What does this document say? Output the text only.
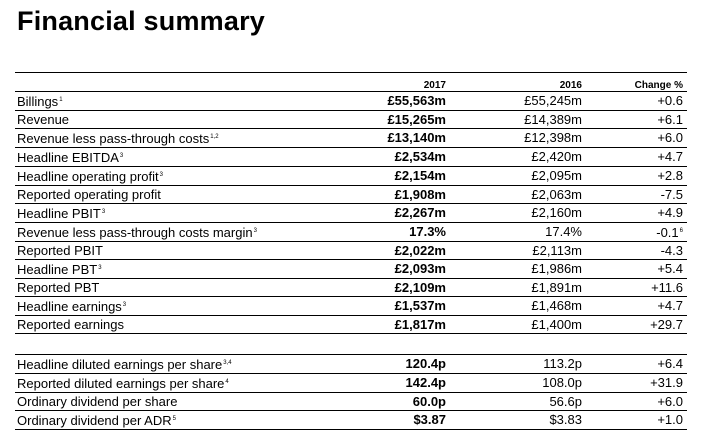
Financial summary
	2017	2016	Change %
Billings$^1$	£55,563m	£55,245m	+0.6
Revenue	£15,265m	£14,389m	+6.1
Revenue less pass-through costs$^{1,2}$	£13,140m	£12,398m	+6.0
Headline EBITDA$^3$	£2,534m	£2,420m	+4.7
Headline operating profit$^3$	£2,154m	£2,095m	+2.8
Reported operating profit	£1,908m	£2,063m	-7.5
Headline PBIT$^3$	£2,267m	£2,160m	+4.9
Revenue less pass-through costs margin$^3$	17.3%	17.4%	$-0.1^6$
Reported PBIT	£2,022m	£2,113m	-4.3
Headline PBT$^3$	£2,093m	£1,986m	+5.4
Reported PBT	£2,109m	£1,891m	+11.6
Headline earnings$^3$	£1,537m	£1,468m	+4.7
Reported earnings	£1,817m	£1,400m	+29.7

Headline diluted earnings per share$^{3,4}$	120.4p	113.2p	+6.4
Reported diluted earnings per share$^4$	142.4p	108.0p	+31.9
Ordinary dividend per share	60.0p	56.6p	+6.0
Ordinary dividend per ADR$^5$	$3.87	$3.83	+1.0
